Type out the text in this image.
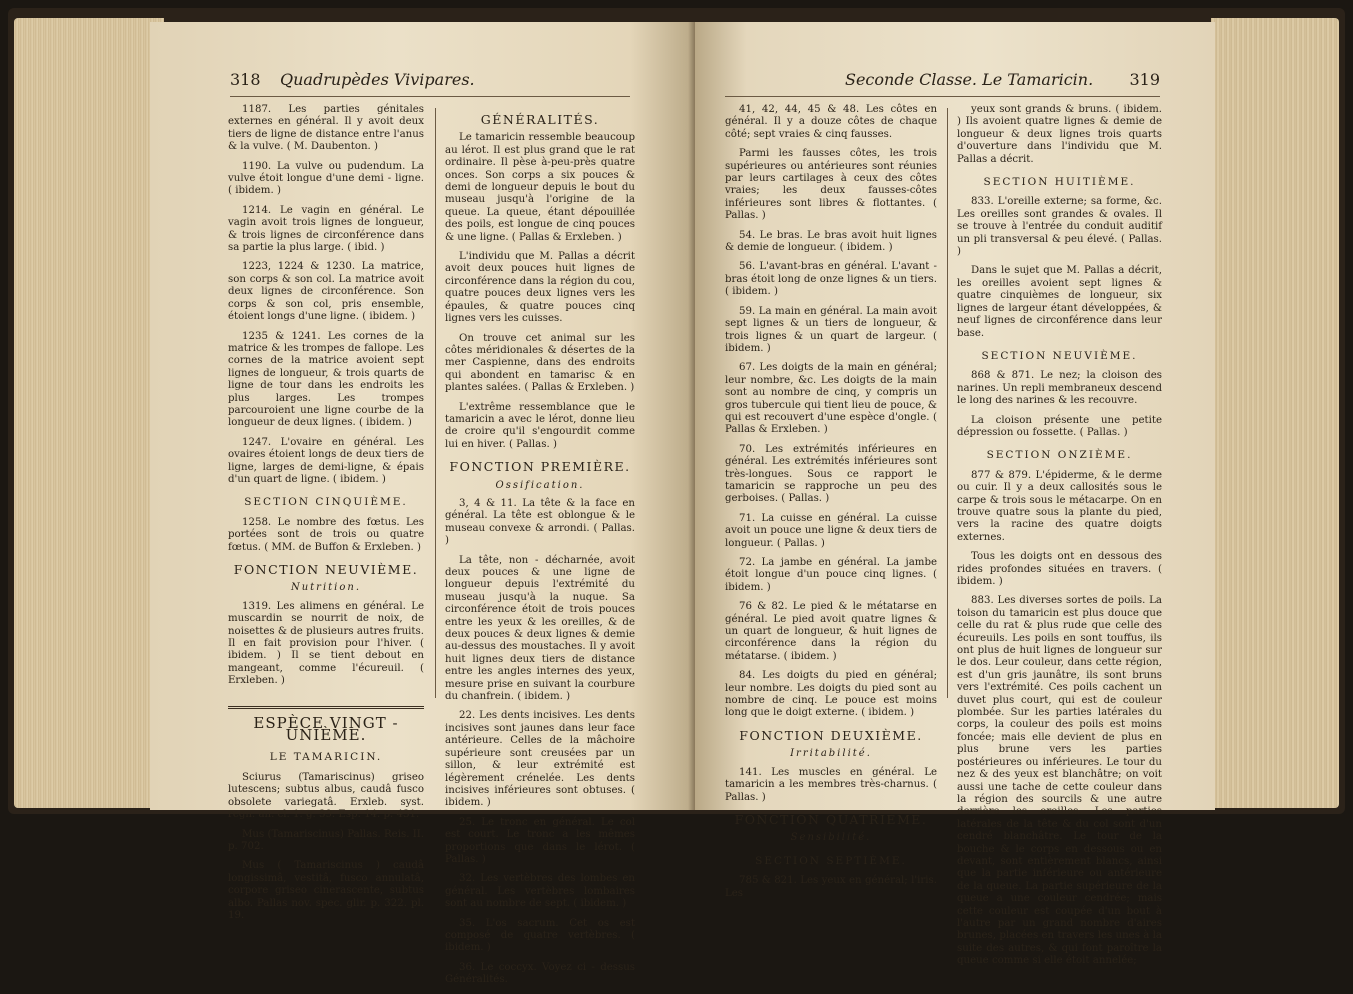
318 Quadrupèdes Vivipares.

1187. Les parties génitales externes en général. Il y avoit deux tiers de ligne de distance entre l'anus & la vulve. ( M. Daubenton. )

1190. La vulve ou pudendum. La vulve étoit longue d'une demi - ligne. ( ibidem. )

1214. Le vagin en général. Le vagin avoit trois lignes de longueur, & trois lignes de circonférence dans sa partie la plus large. ( ibid. )

1223, 1224 & 1230. La matrice, son corps & son col. La matrice avoit deux lignes de circonférence. Son corps & son col, pris ensemble, étoient longs d'une ligne. ( ibidem. )

1235 & 1241. Les cornes de la matrice & les trompes de fallope. Les cornes de la matrice avoient sept lignes de longueur, & trois quarts de ligne de tour dans les endroits les plus larges. Les trompes parcouroient une ligne courbe de la longueur de deux lignes. ( ibidem. )

1247. L'ovaire en général. Les ovaires étoient longs de deux tiers de ligne, larges de demi-ligne, & épais d'un quart de ligne. ( ibidem. )

SECTION CINQUIÈME.

1258. Le nombre des fœtus. Les portées sont de trois ou quatre fœtus. ( MM. de Buffon & Erxleben. )

FONCTION NEUVIÈME.

Nutrition.

1319. Les alimens en général. Le muscardin se nourrit de noix, de noisettes & de plusieurs autres fruits. Il en fait provision pour l'hiver. ( ibidem. ) Il se tient debout en mangeant, comme l'écureuil. ( Erxleben. )

ESPÈCE VINGT - UNIÈME.

LE TAMARICIN.

Sciurus (Tamariscinus) griseo lutescens; subtus albus, caudâ fusco obsolete variegatâ. Erxleb. syst. regn. an. cl. 1. g. 39. Esp. 14. p. 431.

Mus (Tamariscinus) Pallas. Reis. II. p. 702.

Mus ( Tamariscinus ) caudâ longissimâ, vestitâ, fusco annulatâ, corpore griseo cinerascente, subtus albo. Pallas nov. spec. glir. p. 322. pl. 19.

GÉNÉRALITÉS.

Le tamaricin ressemble beaucoup au lérot. Il est plus grand que le rat ordinaire. Il pèse à-peu-près quatre onces. Son corps a six pouces & demi de longueur depuis le bout du museau jusqu'à l'origine de la queue. La queue, étant dépouillée des poils, est longue de cinq pouces & une ligne. ( Pallas & Erxleben. )

L'individu que M. Pallas a décrit avoit deux pouces huit lignes de circonférence dans la région du cou, quatre pouces deux lignes vers les épaules, & quatre pouces cinq lignes vers les cuisses.

On trouve cet animal sur les côtes méridionales & désertes de la mer Caspienne, dans des endroits qui abondent en tamarisc & en plantes salées. ( Pallas & Erxleben. )

L'extrême ressemblance que le tamaricin a avec le lérot, donne lieu de croire qu'il s'engourdit comme lui en hiver. ( Pallas. )

FONCTION PREMIÈRE.

Ossification.

3, 4 & 11. La tête & la face en général. La tête est oblongue & le museau convexe & arrondi. ( Pallas. )

La tête, non - décharnée, avoit deux pouces & une ligne de longueur depuis l'extrémité du museau jusqu'à la nuque. Sa circonférence étoit de trois pouces entre les yeux & les oreilles, & de deux pouces & deux lignes & demie au-dessus des moustaches. Il y avoit huit lignes deux tiers de distance entre les angles internes des yeux, mesure prise en suivant la courbure du chanfrein. ( ibidem. )

22. Les dents incisives. Les dents incisives sont jaunes dans leur face antérieure. Celles de la mâchoire supérieure sont creusées par un sillon, & leur extrémité est légèrement crénelée. Les dents incisives inférieures sont obtuses. ( ibidem. )

25. Le tronc en général. Le col est court. Le tronc a les mêmes proportions que dans le lérot. ( Pallas. )

32. Les vertèbres des lombes en général. Les vertèbres lombaires sont au nombre de sept. ( ibidem. )

35. L'os sacrum. Cet os est composé de quatre vertèbres. ( ibidem. )

36. Le coccyx. Voyez ci - dessus Généralités.

Seconde Classe. Le Tamaricin. 319

41, 42, 44, 45 & 48. Les côtes en général. Il y a douze côtes de chaque côté; sept vraies & cinq fausses.

Parmi les fausses côtes, les trois supérieures ou antérieures sont réunies par leurs cartilages à ceux des côtes vraies; les deux fausses-côtes inférieures sont libres & flottantes. ( Pallas. )

54. Le bras. Le bras avoit huit lignes & demie de longueur. ( ibidem. )

56. L'avant-bras en général. L'avant - bras étoit long de onze lignes & un tiers. ( ibidem. )

59. La main en général. La main avoit sept lignes & un tiers de longueur, & trois lignes & un quart de largeur. ( ibidem. )

67. Les doigts de la main en général; leur nombre, &c. Les doigts de la main sont au nombre de cinq, y compris un gros tubercule qui tient lieu de pouce, & qui est recouvert d'une espèce d'ongle. ( Pallas & Erxleben. )

70. Les extrémités inférieures en général. Les extrémités inférieures sont très-longues. Sous ce rapport le tamaricin se rapproche un peu des gerboises. ( Pallas. )

71. La cuisse en général. La cuisse avoit un pouce une ligne & deux tiers de longueur. ( Pallas. )

72. La jambe en général. La jambe étoit longue d'un pouce cinq lignes. ( ibidem. )

76 & 82. Le pied & le métatarse en général. Le pied avoit quatre lignes & un quart de longueur, & huit lignes de circonférence dans la région du métatarse. ( ibidem. )

84. Les doigts du pied en général; leur nombre. Les doigts du pied sont au nombre de cinq. Le pouce est moins long que le doigt externe. ( ibidem. )

FONCTION DEUXIÈME.

Irritabilité.

141. Les muscles en général. Le tamaricin a les membres très-charnus. ( Pallas. )

FONCTION QUATRIÈME.

Sensibilité.

SECTION SEPTIÈME.

785 & 821. Les yeux en général; l'iris. Les

yeux sont grands & bruns. ( ibidem. ) Ils avoient quatre lignes & demie de longueur & deux lignes trois quarts d'ouverture dans l'individu que M. Pallas a décrit.

SECTION HUITIÈME.

833. L'oreille externe; sa forme, &c. Les oreilles sont grandes & ovales. Il se trouve à l'entrée du conduit auditif un pli transversal & peu élevé. ( Pallas. )

Dans le sujet que M. Pallas a décrit, les oreilles avoient sept lignes & quatre cinquièmes de longueur, six lignes de largeur étant développées, & neuf lignes de circonférence dans leur base.

SECTION NEUVIÈME.

868 & 871. Le nez; la cloison des narines. Un repli membraneux descend le long des narines & les recouvre.

La cloison présente une petite dépression ou fossette. ( Pallas. )

SECTION ONZIÈME.

877 & 879. L'épiderme, & le derme ou cuir. Il y a deux callosités sous le carpe & trois sous le métacarpe. On en trouve quatre sous la plante du pied, vers la racine des quatre doigts externes.

Tous les doigts ont en dessous des rides profondes situées en travers. ( ibidem. )

883. Les diverses sortes de poils. La toison du tamaricin est plus douce que celle du rat & plus rude que celle des écureuils. Les poils en sont touffus, ils ont plus de huit lignes de longueur sur le dos. Leur couleur, dans cette région, est d'un gris jaunâtre, ils sont bruns vers l'extrémité. Ces poils cachent un duvet plus court, qui est de couleur plombée. Sur les parties latérales du corps, la couleur des poils est moins foncée; mais elle devient de plus en plus brune vers les parties postérieures ou inférieures. Le tour du nez & des yeux est blanchâtre; on voit aussi une tache de cette couleur dans la région des sourcils & une autre derrière les oreilles. Les parties latérales de la tête & du col sont d'un cendré blanchâtre. Le tour de la bouche & le corps en dessous ou en devant, sont entièrement blancs, ainsi que la partie inférieure ou antérieure de la queue. La partie supérieure de la queue a une couleur cendrée; mais cette couleur est coupée d'un bout à l'autre par un grand nombre d'aires brunes, placées en travers les unes à la suite des autres, & qui font paroître la queue comme si elle étoit annelée;
